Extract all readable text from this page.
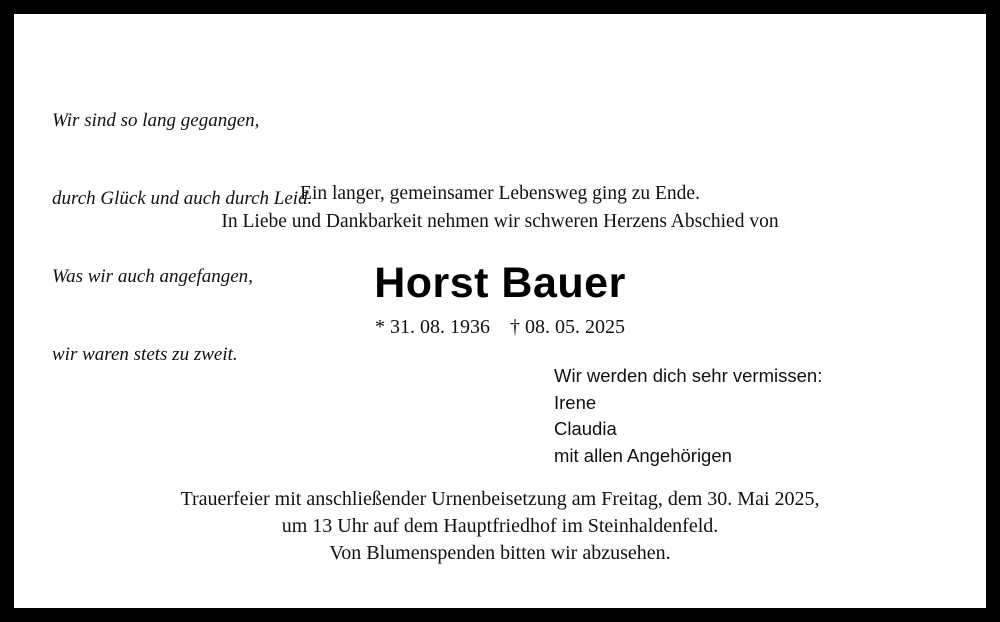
Wir sind so lang gegangen,

durch Glück und auch durch Leid.

Was wir auch angefangen,

wir waren stets zu zweit.

Ein langer, gemeinsamer Lebensweg ging zu Ende.
In Liebe und Dankbarkeit nehmen wir schweren Herzens Abschied von
Horst Bauer
* 31. 08. 1936    † 08. 05. 2025
Wir werden dich sehr vermissen:
Irene
Claudia
mit allen Angehörigen
Trauerfeier mit anschließender Urnenbeisetzung am Freitag, dem 30. Mai 2025,
um 13 Uhr auf dem Hauptfriedhof im Steinhaldenfeld.
Von Blumenspenden bitten wir abzusehen.
